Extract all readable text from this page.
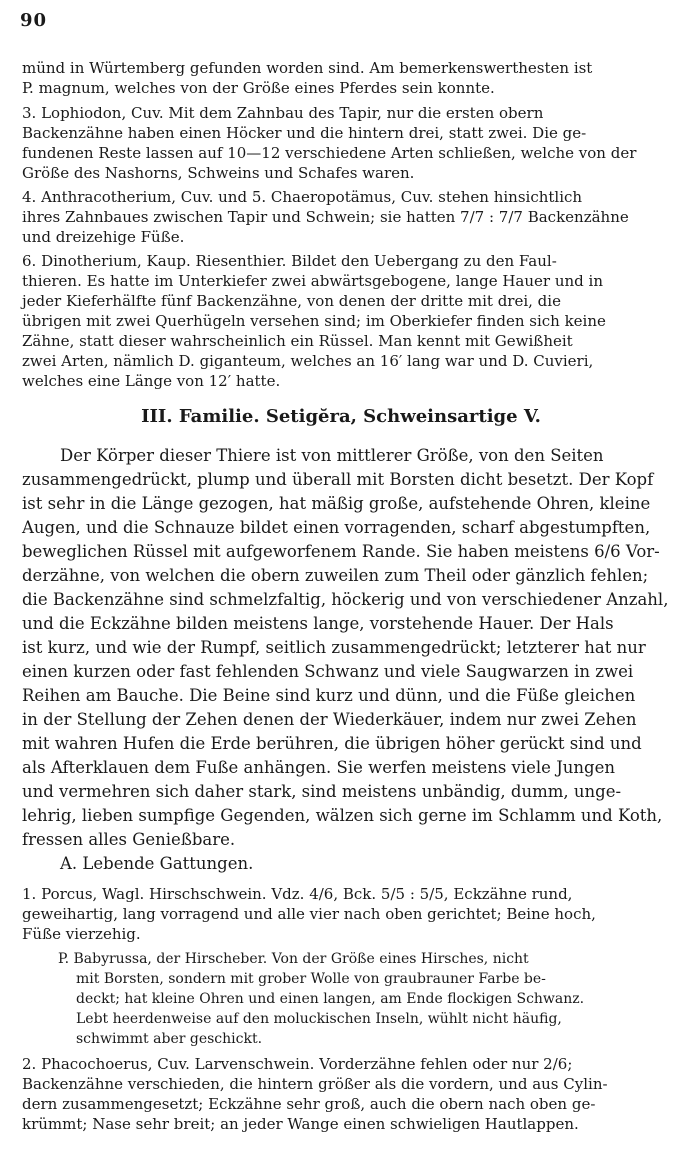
90
münd in Würtemberg gefunden worden sind. Am bemerkenswerthesten ist
P. magnum, welches von der Größe eines Pferdes sein konnte.
3. Lophiodon, Cuv. Mit dem Zahnbau des Tapir, nur die ersten obern
Backenzähne haben einen Höcker und die hintern drei, statt zwei. Die ge-
fundenen Reste lassen auf 10—12 verschiedene Arten schließen, welche von der
Größe des Nashorns, Schweins und Schafes waren.
4. Anthracotherium, Cuv. und 5. Chaeropotämus, Cuv. stehen hinsichtlich
ihres Zahnbaues zwischen Tapir und Schwein; sie hatten 7/7 : 7/7 Backenzähne
und dreizehige Füße.
6. Dinotherium, Kaup. Riesenthier. Bildet den Uebergang zu den Faul-
thieren. Es hatte im Unterkiefer zwei abwärtsgebogene, lange Hauer und in
jeder Kieferhälfte fünf Backenzähne, von denen der dritte mit drei, die
übrigen mit zwei Querhügeln versehen sind; im Oberkiefer finden sich keine
Zähne, statt dieser wahrscheinlich ein Rüssel. Man kennt mit Gewißheit
zwei Arten, nämlich D. giganteum, welches an 16′ lang war und D. Cuvieri,
welches eine Länge von 12′ hatte.
III. Familie. Setigĕra, Schweinsartige V.
Der Körper dieser Thiere ist von mittlerer Größe, von den Seiten
zusammengedrückt, plump und überall mit Borsten dicht besetzt. Der Kopf
ist sehr in die Länge gezogen, hat mäßig große, aufstehende Ohren, kleine
Augen, und die Schnauze bildet einen vorragenden, scharf abgestumpften,
beweglichen Rüssel mit aufgeworfenem Rande. Sie haben meistens 6/6 Vor-
derzähne, von welchen die obern zuweilen zum Theil oder gänzlich fehlen;
die Backenzähne sind schmelzfaltig, höckerig und von verschiedener Anzahl,
und die Eckzähne bilden meistens lange, vorstehende Hauer. Der Hals
ist kurz, und wie der Rumpf, seitlich zusammengedrückt; letzterer hat nur
einen kurzen oder fast fehlenden Schwanz und viele Saugwarzen in zwei
Reihen am Bauche. Die Beine sind kurz und dünn, und die Füße gleichen
in der Stellung der Zehen denen der Wiederkäuer, indem nur zwei Zehen
mit wahren Hufen die Erde berühren, die übrigen höher gerückt sind und
als Afterklauen dem Fuße anhängen. Sie werfen meistens viele Jungen
und vermehren sich daher stark, sind meistens unbändig, dumm, unge-
lehrig, lieben sumpfige Gegenden, wälzen sich gerne im Schlamm und Koth,
fressen alles Genießbare.
A. Lebende Gattungen.
1. Porcus, Wagl. Hirschschwein. Vdz. 4/6, Bck. 5/5 : 5/5, Eckzähne rund,
geweihartig, lang vorragend und alle vier nach oben gerichtet; Beine hoch,
Füße vierzehig.
P. Babyrussa, der Hirscheber. Von der Größe eines Hirsches, nicht
mit Borsten, sondern mit grober Wolle von graubrauner Farbe be-
deckt; hat kleine Ohren und einen langen, am Ende flockigen Schwanz.
Lebt heerdenweise auf den moluckischen Inseln, wühlt nicht häufig,
schwimmt aber geschickt.
2. Phacochoerus, Cuv. Larvenschwein. Vorderzähne fehlen oder nur 2/6;
Backenzähne verschieden, die hintern größer als die vordern, und aus Cylin-
dern zusammengesetzt; Eckzähne sehr groß, auch die obern nach oben ge-
krümmt; Nase sehr breit; an jeder Wange einen schwieligen Hautlappen.
